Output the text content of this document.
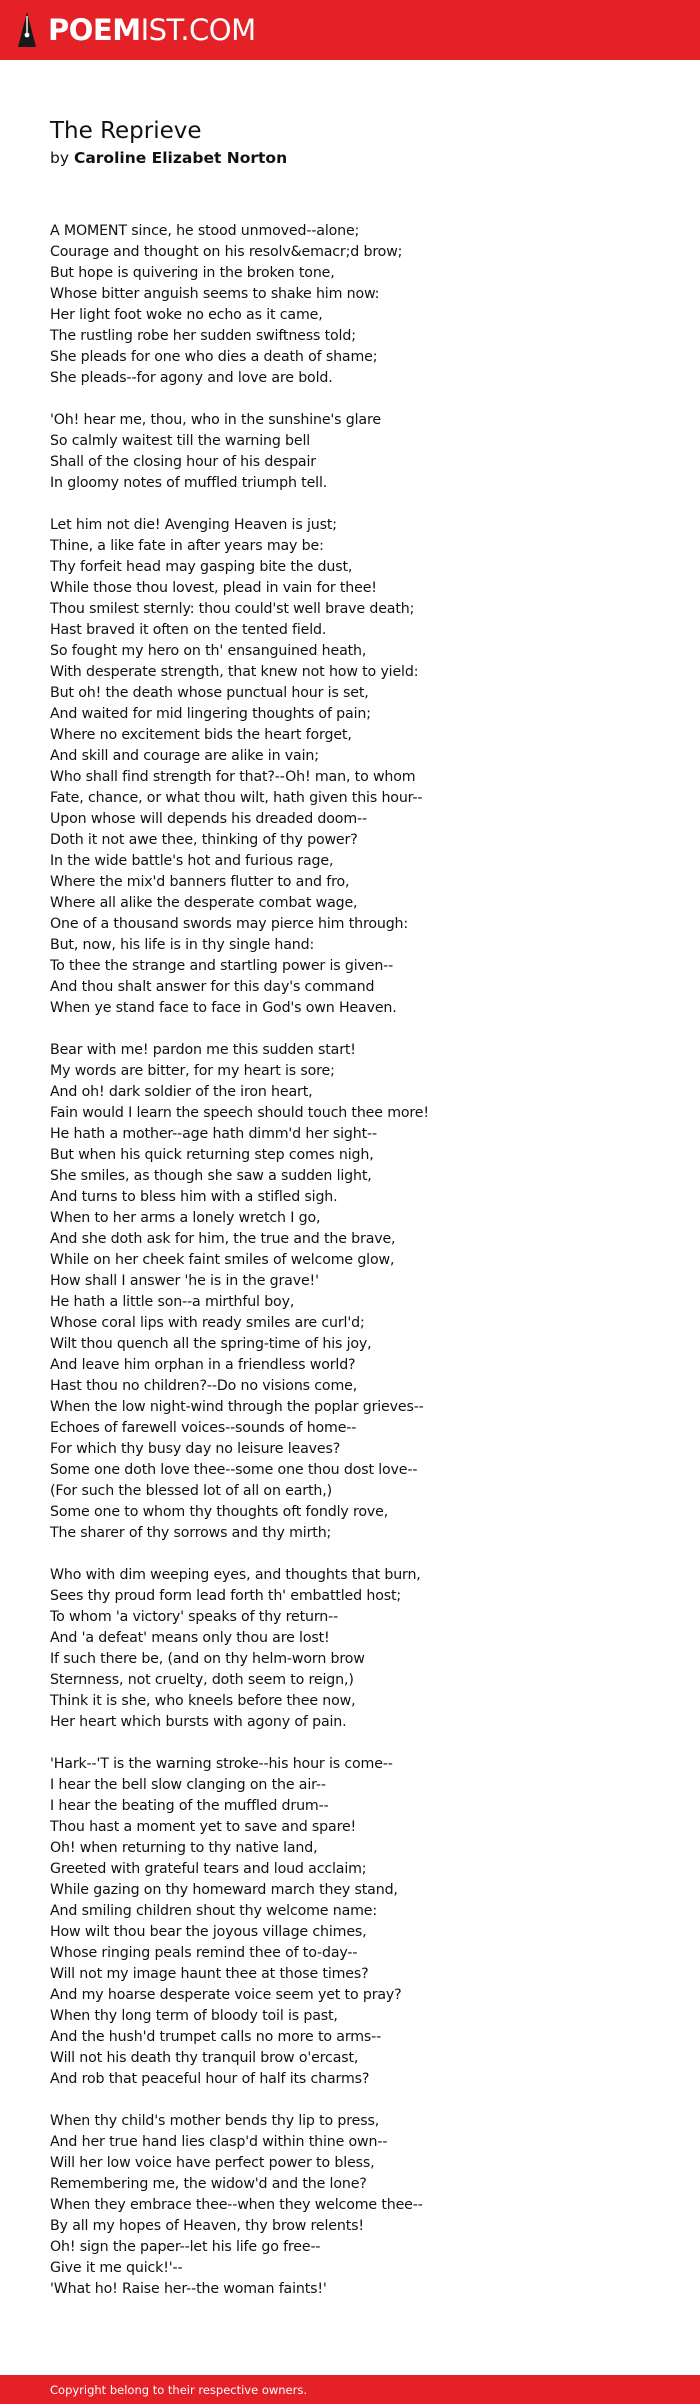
POEMIST.COM
The Reprieve
by Caroline Elizabet Norton
A MOMENT since, he stood unmoved--alone;
Courage and thought on his resolv&emacr;d brow;
But hope is quivering in the broken tone,
Whose bitter anguish seems to shake him now:
Her light foot woke no echo as it came,
The rustling robe her sudden swiftness told;
She pleads for one who dies a death of shame;
She pleads--for agony and love are bold.
'Oh! hear me, thou, who in the sunshine's glare
So calmly waitest till the warning bell
Shall of the closing hour of his despair
In gloomy notes of muffled triumph tell.
Let him not die! Avenging Heaven is just;
Thine, a like fate in after years may be:
Thy forfeit head may gasping bite the dust,
While those thou lovest, plead in vain for thee!
Thou smilest sternly: thou could'st well brave death;
Hast braved it often on the tented field.
So fought my hero on th' ensanguined heath,
With desperate strength, that knew not how to yield:
But oh! the death whose punctual hour is set,
And waited for mid lingering thoughts of pain;
Where no excitement bids the heart forget,
And skill and courage are alike in vain;
Who shall find strength for that?--Oh! man, to whom
Fate, chance, or what thou wilt, hath given this hour--
Upon whose will depends his dreaded doom--
Doth it not awe thee, thinking of thy power?
In the wide battle's hot and furious rage,
Where the mix'd banners flutter to and fro,
Where all alike the desperate combat wage,
One of a thousand swords may pierce him through:
But, now, his life is in thy single hand:
To thee the strange and startling power is given--
And thou shalt answer for this day's command
When ye stand face to face in God's own Heaven.
Bear with me! pardon me this sudden start!
My words are bitter, for my heart is sore;
And oh! dark soldier of the iron heart,
Fain would I learn the speech should touch thee more!
He hath a mother--age hath dimm'd her sight--
But when his quick returning step comes nigh,
She smiles, as though she saw a sudden light,
And turns to bless him with a stifled sigh.
When to her arms a lonely wretch I go,
And she doth ask for him, the true and the brave,
While on her cheek faint smiles of welcome glow,
How shall I answer 'he is in the grave!'
He hath a little son--a mirthful boy,
Whose coral lips with ready smiles are curl'd;
Wilt thou quench all the spring-time of his joy,
And leave him orphan in a friendless world?
Hast thou no children?--Do no visions come,
When the low night-wind through the poplar grieves--
Echoes of farewell voices--sounds of home--
For which thy busy day no leisure leaves?
Some one doth love thee--some one thou dost love--
(For such the blessed lot of all on earth,)
Some one to whom thy thoughts oft fondly rove,
The sharer of thy sorrows and thy mirth;
Who with dim weeping eyes, and thoughts that burn,
Sees thy proud form lead forth th' embattled host;
To whom 'a victory' speaks of thy return--
And 'a defeat' means only thou are lost!
If such there be, (and on thy helm-worn brow
Sternness, not cruelty, doth seem to reign,)
Think it is she, who kneels before thee now,
Her heart which bursts with agony of pain.
'Hark--'T is the warning stroke--his hour is come--
I hear the bell slow clanging on the air--
I hear the beating of the muffled drum--
Thou hast a moment yet to save and spare!
Oh! when returning to thy native land,
Greeted with grateful tears and loud acclaim;
While gazing on thy homeward march they stand,
And smiling children shout thy welcome name:
How wilt thou bear the joyous village chimes,
Whose ringing peals remind thee of to-day--
Will not my image haunt thee at those times?
And my hoarse desperate voice seem yet to pray?
When thy long term of bloody toil is past,
And the hush'd trumpet calls no more to arms--
Will not his death thy tranquil brow o'ercast,
And rob that peaceful hour of half its charms?
When thy child's mother bends thy lip to press,
And her true hand lies clasp'd within thine own--
Will her low voice have perfect power to bless,
Remembering me, the widow'd and the lone?
When they embrace thee--when they welcome thee--
By all my hopes of Heaven, thy brow relents!
Oh! sign the paper--let his life go free--
Give it me quick!'--
'What ho! Raise her--the woman faints!'
Copyright belong to their respective owners.
